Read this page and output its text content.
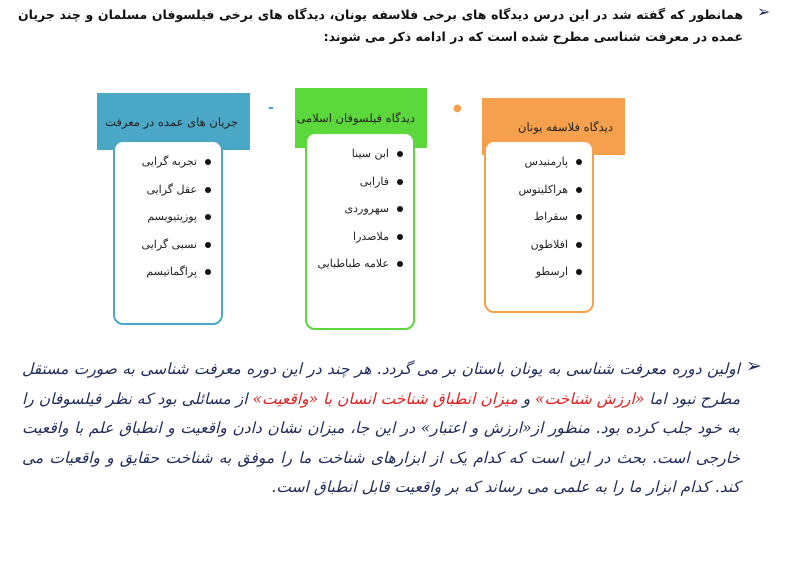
➢
همانطور که گفته شد در این درس دیدگاه های برخی فلاسفه یونان، دیدگاه های برخی فیلسوفان مسلمان و چند جریان عمده در معرفت شناسی مطرح شده است که در ادامه ذکر می شوند:
جریان های عمده در معرفت
تجربه گرایی
عقل گرایی
پوزیتیویسم
نسبی گرایی
پراگماتیسم
-
دیدگاه فیلسوفان اسلامی
ابن سینا
فارابی
سهروردی
ملاصدرا
علامه طباطبایی
●
دیدگاه فلاسفه یونان
پارمنیدس
هراکلیتوس
سقراط
افلاطون
ارسطو
➢
اولین دوره معرفت شناسی به یونان باستان بر می گردد. هر چند در این دوره معرفت شناسی به صورت مستقل مطرح نبود اما «ارزش شناخت» و میزان انطباق شناخت انسان با «واقعیت» از مسائلی بود که نظر فیلسوفان را به خود جلب کرده بود. منظور از«ارزش و اعتبار» در این جا، میزان نشان دادن واقعیت و انطباق علم با واقعیت خارجی است. بحث در این است که کدام یک از ابزارهای شناخت ما را موفق به شناخت حقایق و واقعیات می کند. کدام ابزار ما را به علمی می رساند که بر واقعیت قابل انطباق است.
